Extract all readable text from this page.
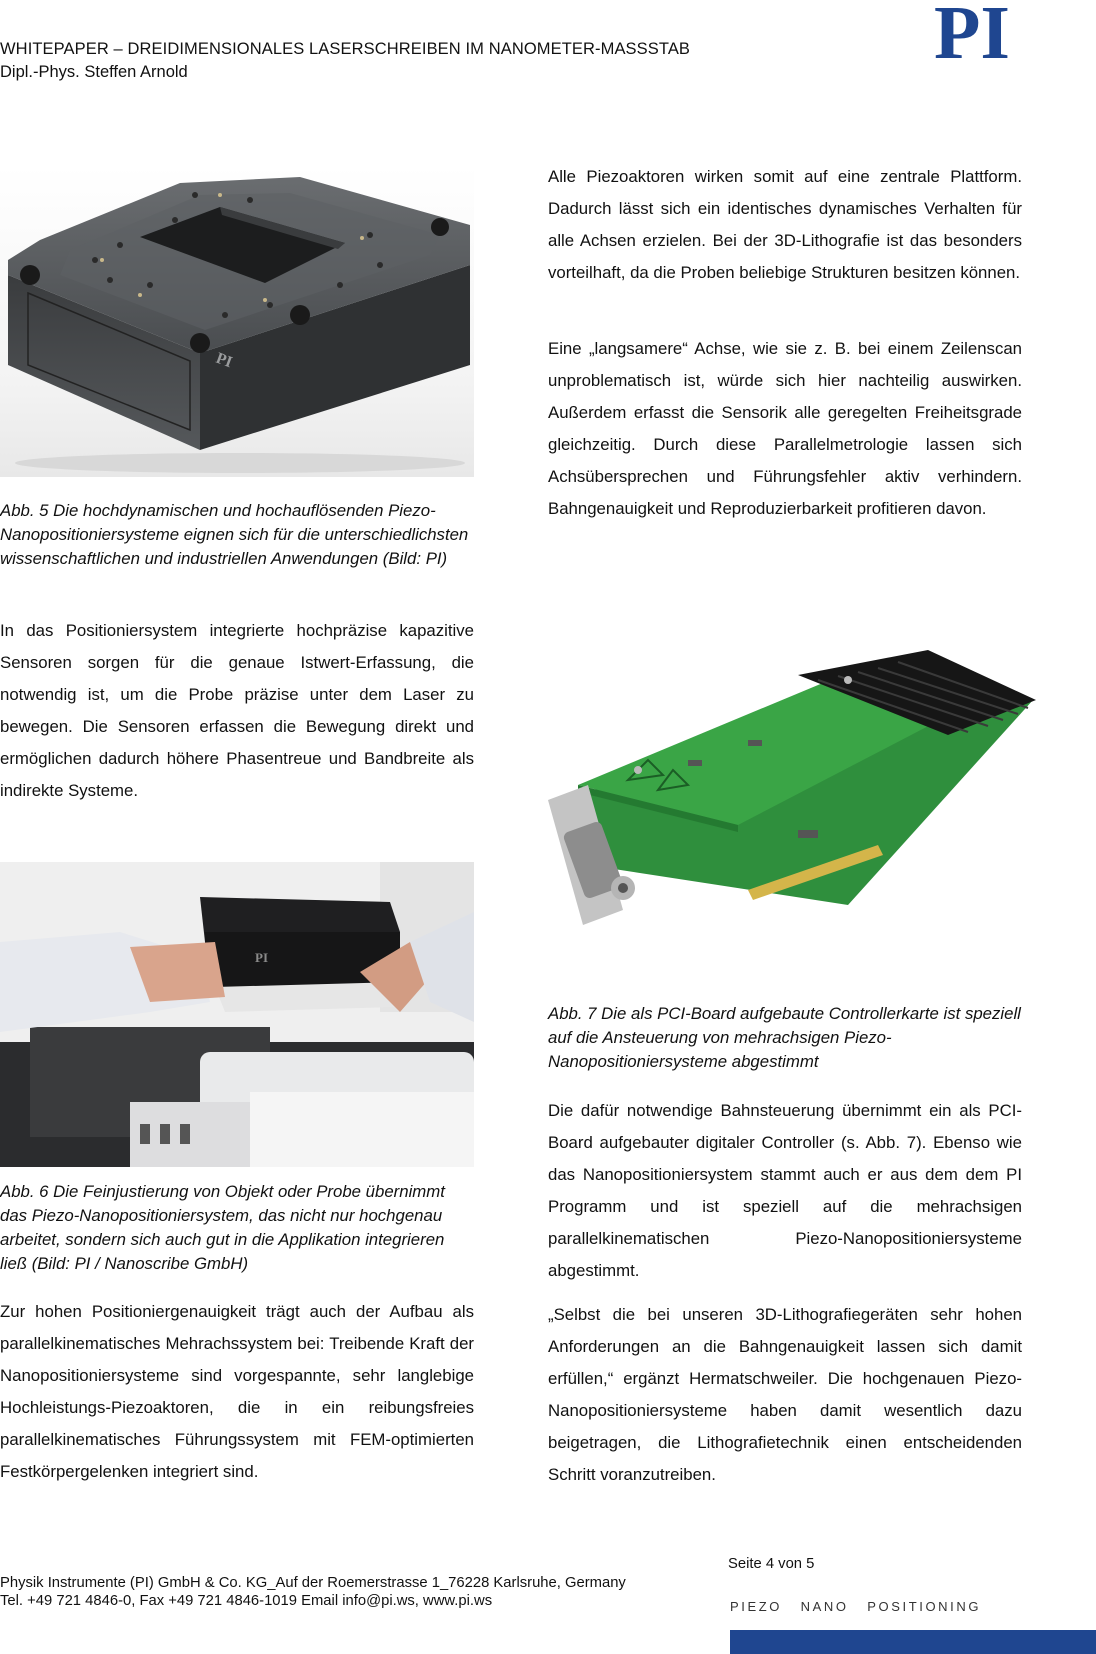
WHITEPAPER – DREIDIMENSIONALES LASERSCHREIBEN IM NANOMETER-MASSSTAB
Dipl.-Phys. Steffen Arnold	PI
PI
Abb. 5 Die hochdynamischen und hochauflösenden Piezo-Nanopositioniersysteme eignen sich für die unterschiedlichsten wissenschaftlichen und industriellen Anwendungen (Bild: PI)

In das Positioniersystem integrierte hochpräzise kapazitive Sensoren sorgen für die genaue Istwert-Erfassung, die notwendig ist, um die Probe präzise unter dem Laser zu bewegen. Die Sensoren erfassen die Bewegung direkt und ermöglichen dadurch höhere Phasentreue und Bandbreite als indirekte Systeme.

PI
Abb. 6 Die Feinjustierung von Objekt oder Probe übernimmt das Piezo-Nanopositioniersystem, das nicht nur hochgenau arbeitet, sondern sich auch gut in die Applikation integrieren ließ (Bild: PI / Nanoscribe GmbH)

Zur hohen Positioniergenauigkeit trägt auch der Aufbau als parallelkinematisches Mehrachssystem bei: Treibende Kraft der Nanopositioniersysteme sind vorgespannte, sehr langlebige Hochleistungs-Piezoaktoren, die in ein reibungsfreies parallelkinematisches Führungssystem mit FEM-optimierten Festkörpergelenken integriert sind.

Alle Piezoaktoren wirken somit auf eine zentrale Plattform. Dadurch lässt sich ein identisches dynamisches Verhalten für alle Achsen erzielen. Bei der 3D-Lithografie ist das besonders vorteilhaft, da die Proben beliebige Strukturen besitzen können.

Eine „langsamere“ Achse, wie sie z. B. bei einem Zeilenscan unproblematisch ist, würde sich hier nachteilig auswirken. Außerdem erfasst die Sensorik alle geregelten Freiheitsgrade gleichzeitig. Durch diese Parallelmetrologie lassen sich Achsübersprechen und Führungsfehler aktiv verhindern. Bahngenauigkeit und Reproduzierbarkeit profitieren davon.

Abb. 7 Die als PCI-Board aufgebaute Controllerkarte ist speziell auf die Ansteuerung von mehrachsigen Piezo-Nanopositioniersysteme abgestimmt

Die dafür notwendige Bahnsteuerung übernimmt ein als PCI-Board aufgebauter digitaler Controller (s. Abb. 7). Ebenso wie das Nanopositioniersystem stammt auch er aus dem dem PI Programm und ist speziell auf die mehrachsigen parallelkinematischen Piezo-Nanopositioniersysteme abgestimmt.

„Selbst die bei unseren 3D-Lithografiegeräten sehr hohen Anforderungen an die Bahngenauigkeit lassen sich damit erfüllen,“ ergänzt Hermatschweiler. Die hochgenauen Piezo-Nanopositioniersysteme haben damit wesentlich dazu beigetragen, die Lithografietechnik einen entscheidenden Schritt voranzutreiben.

Seite 4 von 5
Physik Instrumente (PI) GmbH & Co. KG_Auf der Roemerstrasse 1_76228 Karlsruhe, Germany
Tel. +49 721 4846-0, Fax +49 721 4846-1019 Email info@pi.ws, www.pi.ws	PIEZO   NANO   POSITIONING
